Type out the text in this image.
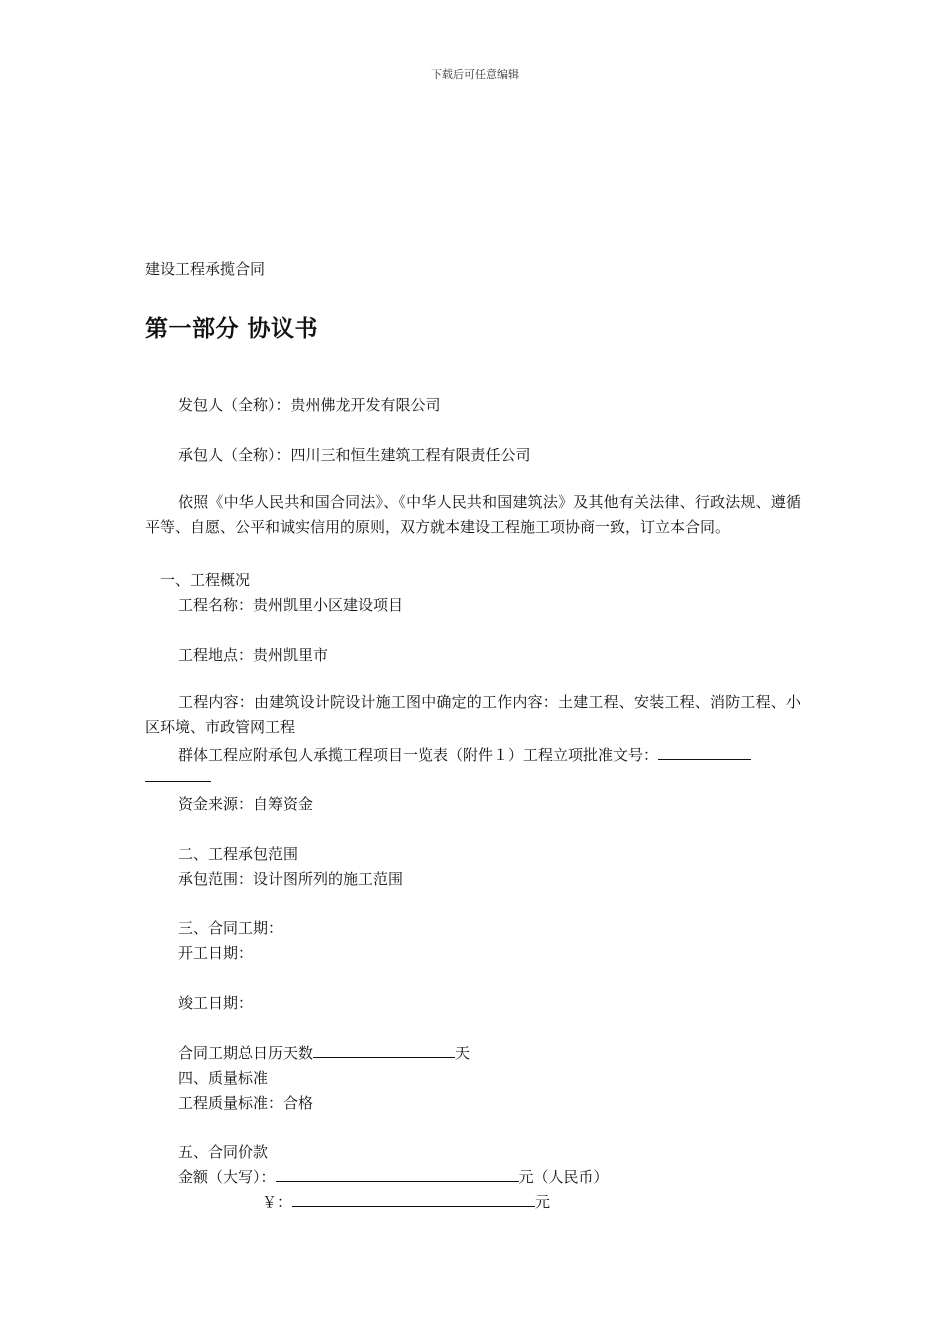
下载后可任意编辑
建设工程承揽合同
第一部分 协议书
发包人（全称）：贵州佛龙开发有限公司
承包人（全称）：四川三和恒生建筑工程有限责任公司
依照《中华人民共和国合同法》、《中华人民共和国建筑法》及其他有关法律、行政法规、遵循平等、自愿、公平和诚实信用的原则，双方就本建设工程施工项协商一致，订立本合同。
一、工程概况
工程名称：贵州凯里小区建设项目
工程地点：贵州凯里市
工程内容：由建筑设计院设计施工图中确定的工作内容：土建工程、安装工程、消防工程、小区环境、市政管网工程
群体工程应附承包人承揽工程项目一览表（附件１）工程立项批准文号：
资金来源：自筹资金
二、工程承包范围
承包范围：设计图所列的施工范围
三、合同工期：
开工日期：
竣工日期：
合同工期总日历天数	天
四、质量标准
工程质量标准：合格
五、合同价款
金额（大写）：	元（人民币）
￥：	元
